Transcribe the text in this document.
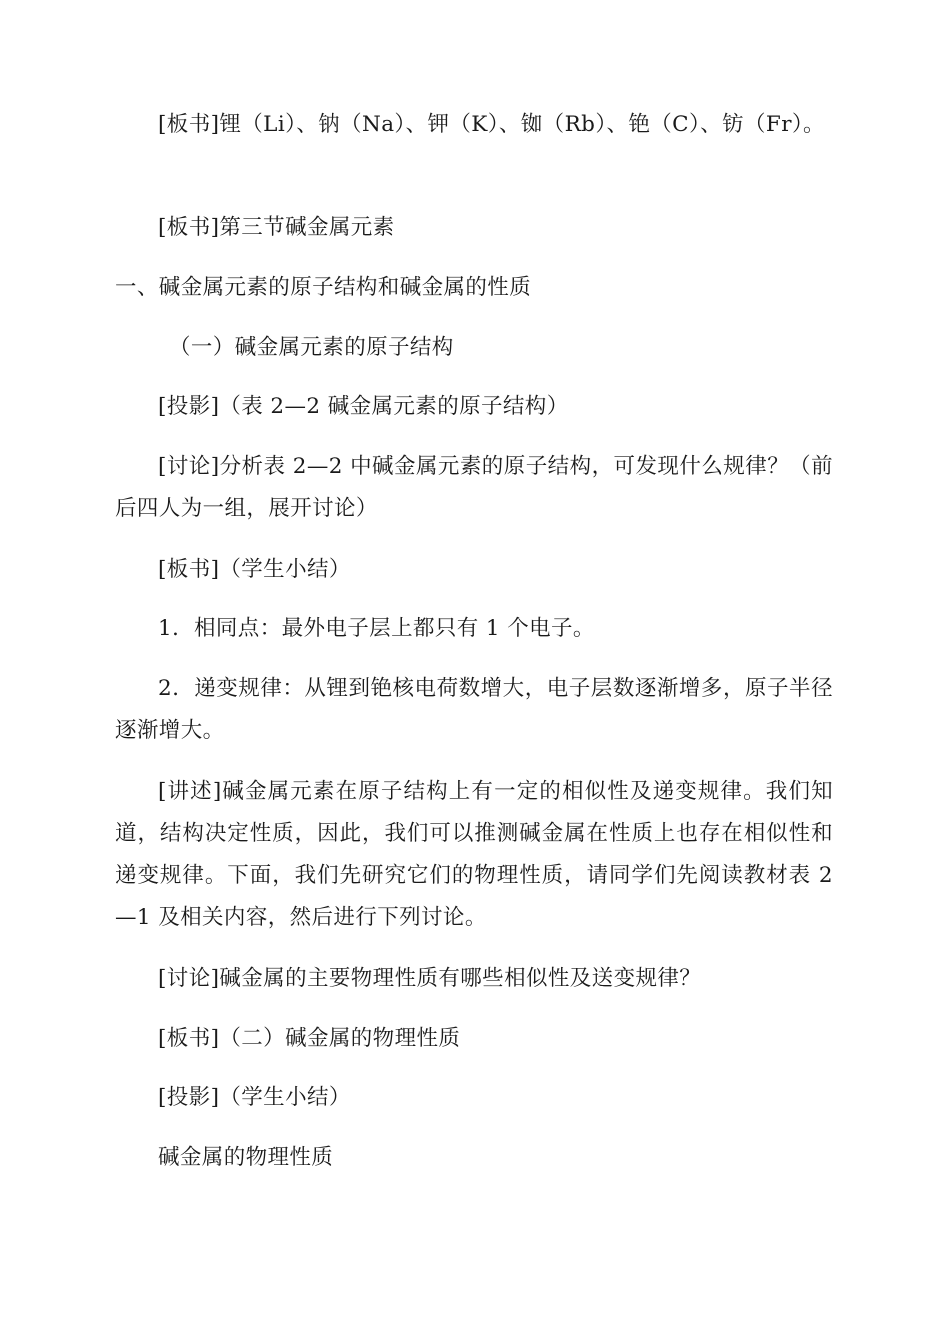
[板书]锂（Li）、钠（Na）、钾（K）、铷（Rb）、铯（C）、钫（Fr）。

[板书]第三节碱金属元素

一、碱金属元素的原子结构和碱金属的性质

（一）碱金属元素的原子结构

[投影]（表 2—2 碱金属元素的原子结构）

[讨论]分析表 2—2 中碱金属元素的原子结构，可发现什么规律？（前后四人为一组，展开讨论）

[板书]（学生小结）

1．相同点：最外电子层上都只有 1 个电子。

2．递变规律：从锂到铯核电荷数增大，电子层数逐渐增多，原子半径逐渐增大。

[讲述]碱金属元素在原子结构上有一定的相似性及递变规律。我们知道，结构决定性质，因此，我们可以推测碱金属在性质上也存在相似性和递变规律。下面，我们先研究它们的物理性质，请同学们先阅读教材表 2—1 及相关内容，然后进行下列讨论。

[讨论]碱金属的主要物理性质有哪些相似性及送变规律？

[板书]（二）碱金属的物理性质

[投影]（学生小结）

碱金属的物理性质
